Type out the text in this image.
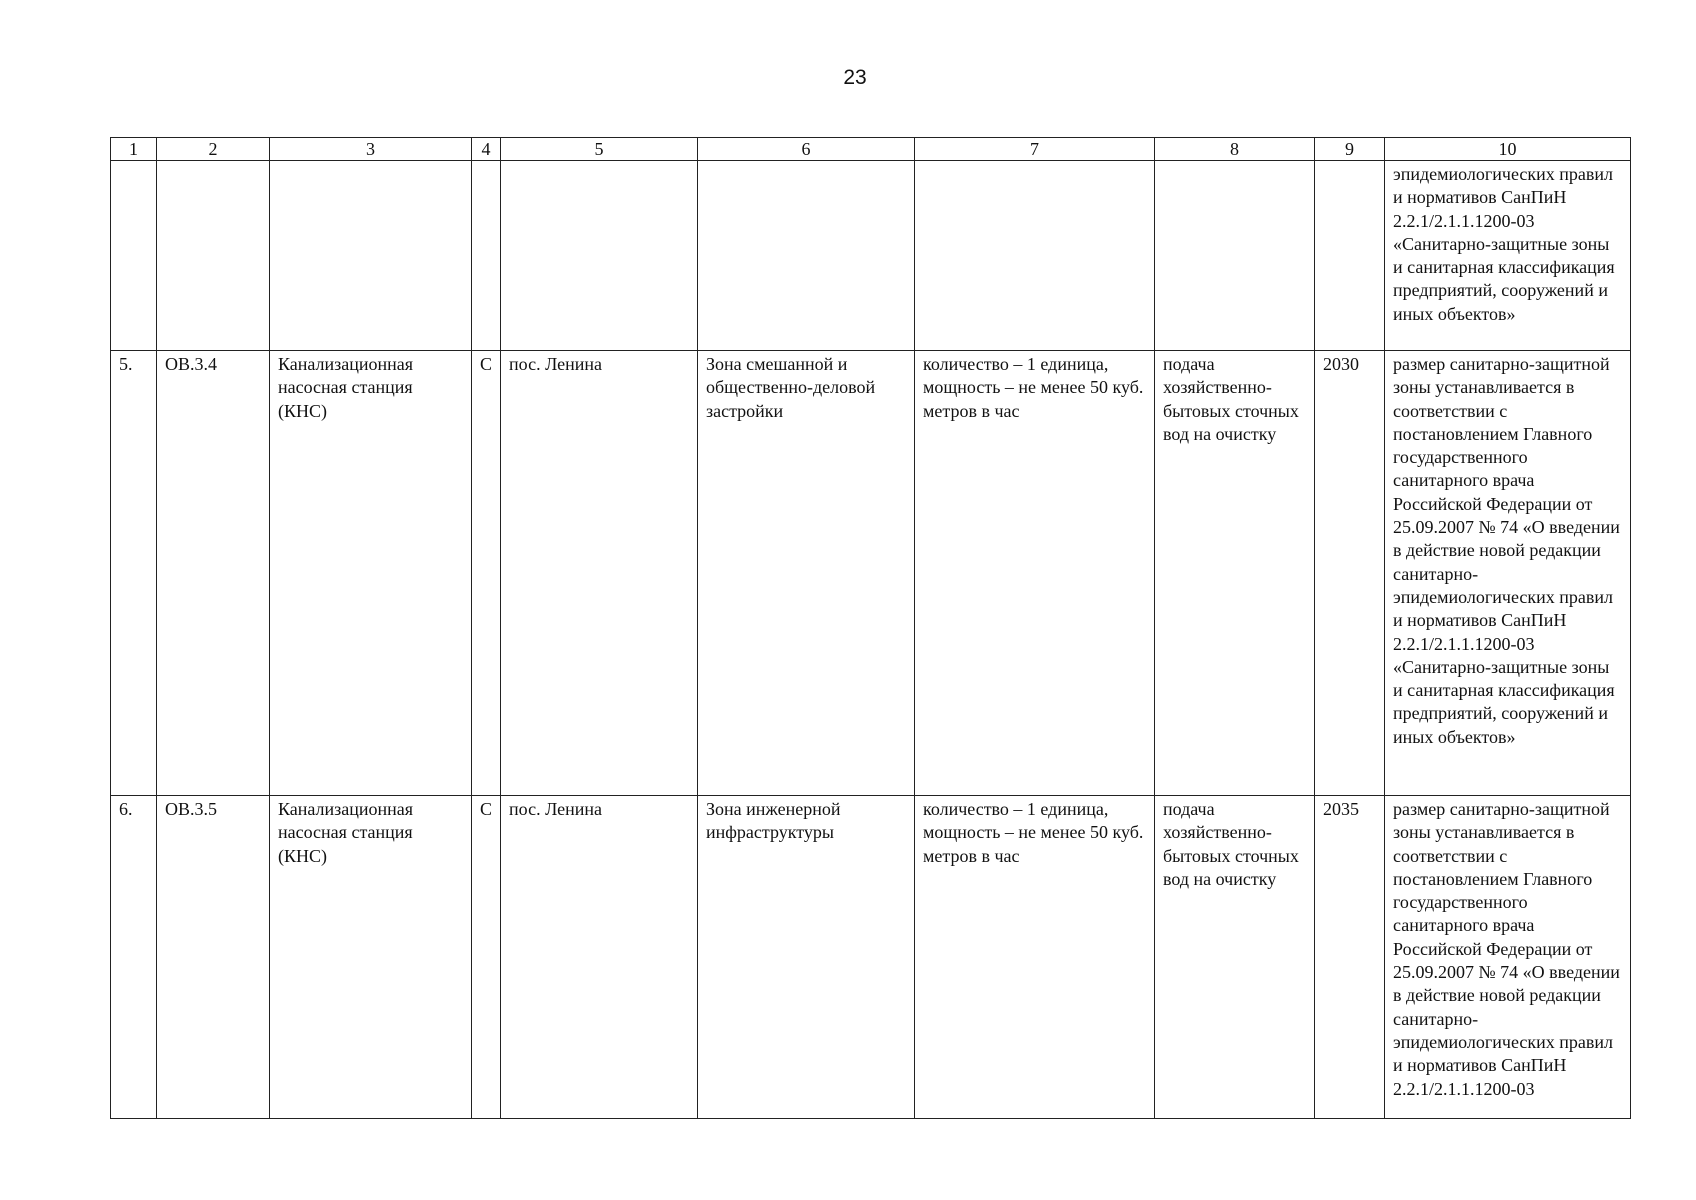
23
1	2	3	4	5	6	7	8	9	10
									эпидемиологических правил и нормативов СанПиН 2.2.1/2.1.1.1200-03 «Санитарно-защитные зоны и санитарная классификация предприятий, сооружений и иных объектов»
5.	ОВ.3.4	Канализационная насосная станция (КНС)	С	пос. Ленина	Зона смешанной и общественно-деловой застройки	количество – 1 единица, мощность – не менее 50 куб. метров в час	подача хозяйственно-бытовых сточных вод на очистку	2030	размер санитарно-защитной зоны устанавливается в соответствии с постановлением Главного государственного санитарного врача Российской Федерации от 25.09.2007 № 74 «О введении в действие новой редакции санитарно-эпидемиологических правил и нормативов СанПиН 2.2.1/2.1.1.1200-03 «Санитарно-защитные зоны и санитарная классификация предприятий, сооружений и иных объектов»
6.	ОВ.3.5	Канализационная насосная станция (КНС)	С	пос. Ленина	Зона инженерной инфраструктуры	количество – 1 единица, мощность – не менее 50 куб. метров в час	подача хозяйственно-бытовых сточных вод на очистку	2035	размер санитарно-защитной зоны устанавливается в соответствии с постановлением Главного государственного санитарного врача Российской Федерации от 25.09.2007 № 74 «О введении в действие новой редакции санитарно-эпидемиологических правил и нормативов СанПиН 2.2.1/2.1.1.1200-03
